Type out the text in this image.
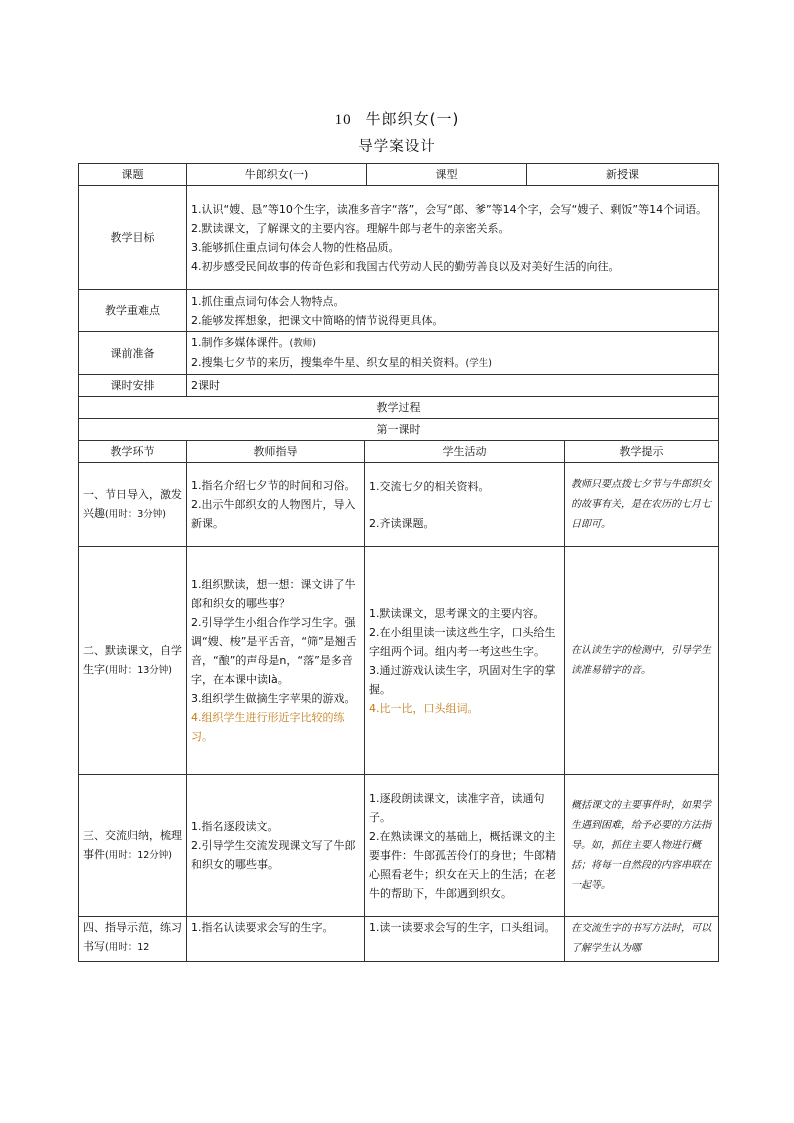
10 牛郎织女(一)
导学案设计
课题	牛郎织女(一)	课型	新授课
教学目标	1.认识“嫂、恳”等10个生字，读准多音字“落”，会写“郎、爹”等14个字，会写“嫂子、剩饭”等14个词语。
2.默读课文，了解课文的主要内容。理解牛郎与老牛的亲密关系。
3.能够抓住重点词句体会人物的性格品质。
4.初步感受民间故事的传奇色彩和我国古代劳动人民的勤劳善良以及对美好生活的向往。		

教学重难点	1.抓住重点词句体会人物特点。
2.能够发挥想象，把课文中简略的情节说得更具体。		

课前准备	1.制作多媒体课件。(教师)
2.搜集七夕节的来历，搜集牵牛星、织女星的相关资料。(学生)		

课时安排	2课时		
教学过程			
第一课时			
教学环节	教师指导	学生活动	教学提示
一、节日导入，激发兴趣(用时：3分钟)	1.指名介绍七夕节的时间和习俗。
2.出示牛郎织女的人物图片，导入新课。	1.交流七夕的相关资料。
2.齐读课题。	教师只要点拨七夕节与牛郎织女的故事有关，是在农历的七月七日即可。
二、默读课文，自学生字(用时：13分钟)	1.组织默读，想一想：课文讲了牛郎和织女的哪些事？
2.引导学生小组合作学习生字。强调“嫂、梭”是平舌音，“筛”是翘舌音，“酿”的声母是n，“落”是多音字，在本课中读là。
3.组织学生做摘生字苹果的游戏。
4.组织学生进行形近字比较的练习。	1.默读课文，思考课文的主要内容。
2.在小组里读一读这些生字，口头给生字组两个词。组内考一考这些生字。
3.通过游戏认读生字，巩固对生字的掌握。
4.比一比，口头组词。	在认读生字的检测中，引导学生读准易错字的音。
三、交流归纳，梳理事件(用时：12分钟)	1.指名逐段读文。
2.引导学生交流发现课文写了牛郎和织女的哪些事。	1.逐段朗读课文，读准字音，读通句子。
2.在熟读课文的基础上，概括课文的主要事件：牛郎孤苦伶仃的身世；牛郎精心照看老牛；织女在天上的生活；在老牛的帮助下，牛郎遇到织女。	概括课文的主要事件时，如果学生遇到困难，给予必要的方法指导。如，抓住主要人物进行概括；将每一自然段的内容串联在一起等。
四、指导示范，练习书写(用时：12	1.指名认读要求会写的生字。	1.读一读要求会写的生字，口头组词。	在交流生字的书写方法时，可以了解学生认为哪
